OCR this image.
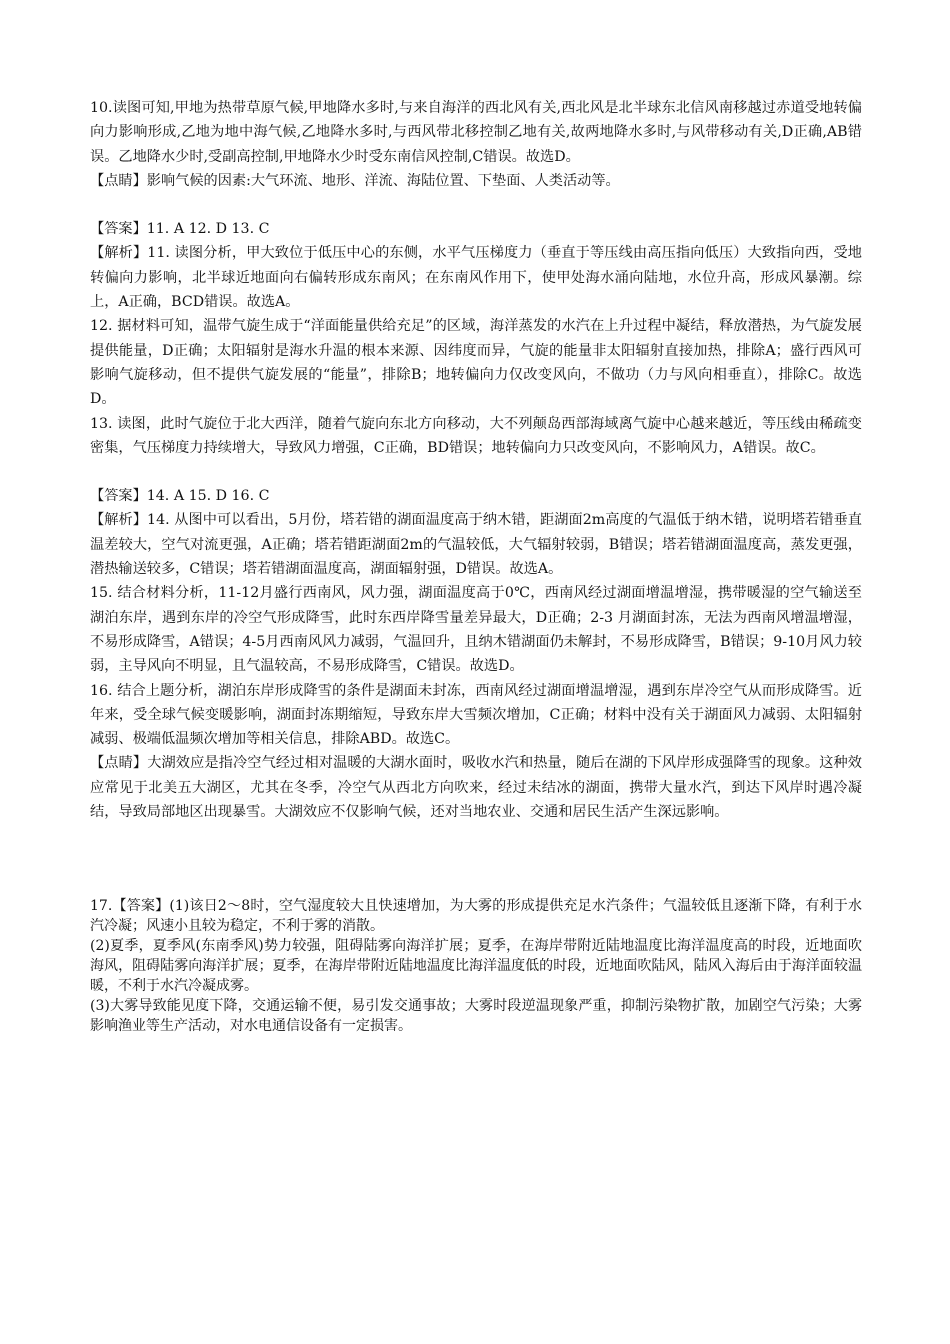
10.读图可知,甲地为热带草原气候,甲地降水多时,与来自海洋的西北风有关,西北风是北半球东北信风南移越过赤道受地转偏向力影响形成,乙地为地中海气候,乙地降水多时,与西风带北移控制乙地有关,故两地降水多时,与风带移动有关,D正确,AB错误。乙地降水少时,受副高控制,甲地降水少时受东南信风控制,C错误。故选D。

【点睛】影响气候的因素:大气环流、地形、洋流、海陆位置、下垫面、人类活动等。

【答案】11. A 12. D 13. C

【解析】11. 读图分析，甲大致位于低压中心的东侧，水平气压梯度力（垂直于等压线由高压指向低压）大致指向西，受地转偏向力影响，北半球近地面向右偏转形成东南风；在东南风作用下，使甲处海水涌向陆地，水位升高，形成风暴潮。综上，A正确，BCD错误。故选A。

12. 据材料可知，温带气旋生成于“洋面能量供给充足”的区域，海洋蒸发的水汽在上升过程中凝结，释放潜热，为气旋发展提供能量，D正确；太阳辐射是海水升温的根本来源、因纬度而异，气旋的能量非太阳辐射直接加热，排除A；盛行西风可影响气旋移动，但不提供气旋发展的“能量”，排除B；地转偏向力仅改变风向，不做功（力与风向相垂直），排除C。故选D。

13. 读图，此时气旋位于北大西洋，随着气旋向东北方向移动，大不列颠岛西部海域离气旋中心越来越近，等压线由稀疏变密集，气压梯度力持续增大，导致风力增强，C正确，BD错误；地转偏向力只改变风向，不影响风力，A错误。故C。

【答案】14. A 15. D 16. C

【解析】14. 从图中可以看出，5月份，塔若错的湖面温度高于纳木错，距湖面2m高度的气温低于纳木错，说明塔若错垂直温差较大，空气对流更强，A正确；塔若错距湖面2m的气温较低，大气辐射较弱，B错误；塔若错湖面温度高，蒸发更强，潜热输送较多，C错误；塔若错湖面温度高，湖面辐射强，D错误。故选A。

15. 结合材料分析，11-12月盛行西南风，风力强，湖面温度高于0℃，西南风经过湖面增温增湿，携带暖湿的空气输送至湖泊东岸，遇到东岸的冷空气形成降雪，此时东西岸降雪量差异最大，D正确；2-3 月湖面封冻，无法为西南风增温增湿，不易形成降雪，A错误；4-5月西南风风力减弱，气温回升，且纳木错湖面仍未解封，不易形成降雪，B错误；9-10月风力较弱，主导风向不明显，且气温较高，不易形成降雪，C错误。故选D。

16. 结合上题分析，湖泊东岸形成降雪的条件是湖面未封冻，西南风经过湖面增温增湿，遇到东岸冷空气从而形成降雪。近年来，受全球气候变暖影响，湖面封冻期缩短，导致东岸大雪频次增加，C正确；材料中没有关于湖面风力减弱、太阳辐射减弱、极端低温频次增加等相关信息，排除ABD。故选C。

【点睛】大湖效应是指冷空气经过相对温暖的大湖水面时，吸收水汽和热量，随后在湖的下风岸形成强降雪的现象。这种效应常见于北美五大湖区，尤其在冬季，冷空气从西北方向吹来，经过未结冰的湖面，携带大量水汽，到达下风岸时遇冷凝结，导致局部地区出现暴雪。大湖效应不仅影响气候，还对当地农业、交通和居民生活产生深远影响。

17.【答案】(1)该日2～8时，空气湿度较大且快速增加，为大雾的形成提供充足水汽条件；气温较低且逐渐下降，有利于水汽冷凝；风速小且较为稳定，不利于雾的消散。

(2)夏季，夏季风(东南季风)势力较强，阻碍陆雾向海洋扩展；夏季，在海岸带附近陆地温度比海洋温度高的时段，近地面吹海风，阻碍陆雾向海洋扩展；夏季，在海岸带附近陆地温度比海洋温度低的时段，近地面吹陆风，陆风入海后由于海洋面较温暖，不利于水汽冷凝成雾。

(3)大雾导致能见度下降，交通运输不便，易引发交通事故；大雾时段逆温现象严重，抑制污染物扩散，加剧空气污染；大雾影响渔业等生产活动，对水电通信设备有一定损害。
